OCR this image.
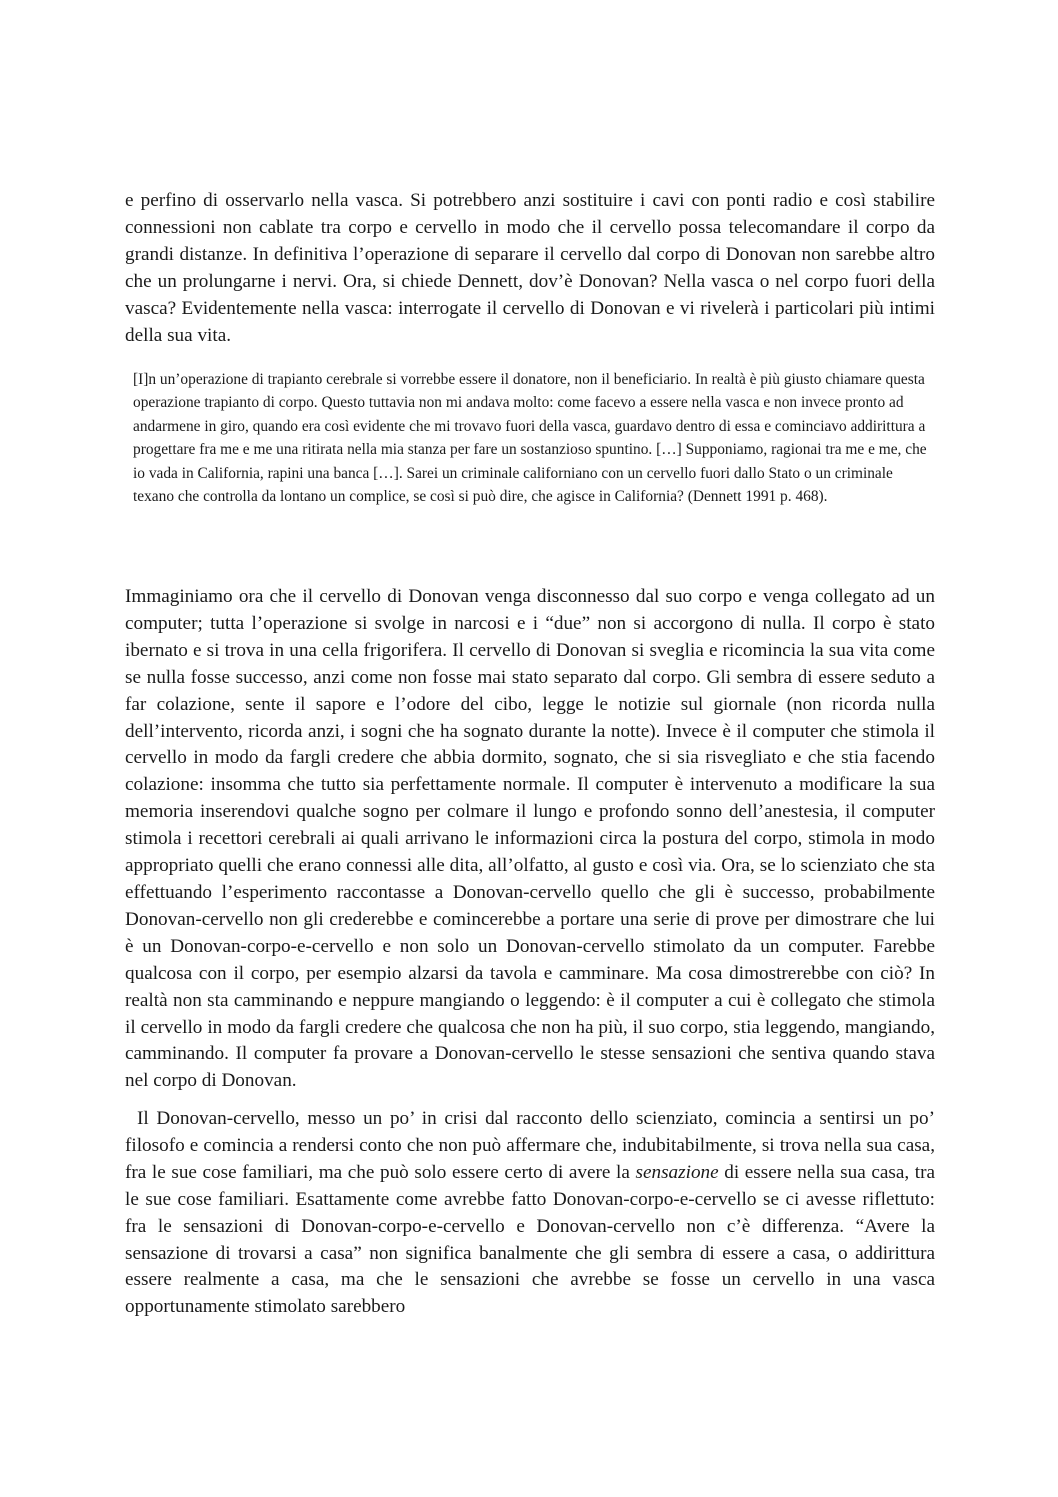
e perfino di osservarlo nella vasca. Si potrebbero anzi sostituire i cavi con ponti radio e così stabilire connessioni non cablate tra corpo e cervello in modo che il cervello possa telecomandare il corpo da grandi distanze. In definitiva l’operazione di separare il cervello dal corpo di Donovan non sarebbe altro che un prolungarne i nervi. Ora, si chiede Dennett, dov’è Donovan? Nella vasca o nel corpo fuori della vasca? Evidentemente nella vasca: interrogate il cervello di Donovan e vi rivelerà i particolari più intimi della sua vita.

[I]n un’operazione di trapianto cerebrale si vorrebbe essere il donatore, non il beneficiario. In realtà è più giusto chiamare questa operazione trapianto di corpo. Questo tuttavia non mi andava molto: come facevo a essere nella vasca e non invece pronto ad andarmene in giro, quando era così evidente che mi trovavo fuori della vasca, guardavo dentro di essa e cominciavo addirittura a progettare fra me e me una ritirata nella mia stanza per fare un sostanzioso spuntino. […] Supponiamo, ragionai tra me e me, che io vada in California, rapini una banca […]. Sarei un criminale californiano con un cervello fuori dallo Stato o un criminale texano che controlla da lontano un complice, se così si può dire, che agisce in California? (Dennett 1991 p. 468).

Immaginiamo ora che il cervello di Donovan venga disconnesso dal suo corpo e venga collegato ad un computer; tutta l’operazione si svolge in narcosi e i “due” non si accorgono di nulla. Il corpo è stato ibernato e si trova in una cella frigorifera. Il cervello di Donovan si sveglia e ricomincia la sua vita come se nulla fosse successo, anzi come non fosse mai stato separato dal corpo. Gli sembra di essere seduto a far colazione, sente il sapore e l’odore del cibo, legge le notizie sul giornale (non ricorda nulla dell’intervento, ricorda anzi, i sogni che ha sognato durante la notte). Invece è il computer che stimola il cervello in modo da fargli credere che abbia dormito, sognato, che si sia risvegliato e che stia facendo colazione: insomma che tutto sia perfettamente normale. Il computer è intervenuto a modificare la sua memoria inserendovi qualche sogno per colmare il lungo e profondo sonno dell’anestesia, il computer stimola i recettori cerebrali ai quali arrivano le informazioni circa la postura del corpo, stimola in modo appropriato quelli che erano connessi alle dita, all’olfatto, al gusto e così via. Ora, se lo scienziato che sta effettuando l’esperimento raccontasse a Donovan-cervello quello che gli è successo, probabilmente Donovan-cervello non gli crederebbe e comincerebbe a portare una serie di prove per dimostrare che lui è un Donovan-corpo-e-cervello e non solo un Donovan-cervello stimolato da un computer. Farebbe qualcosa con il corpo, per esempio alzarsi da tavola e camminare. Ma cosa dimostrerebbe con ciò? In realtà non sta camminando e neppure mangiando o leggendo: è il computer a cui è collegato che stimola il cervello in modo da fargli credere che qualcosa che non ha più, il suo corpo, stia leggendo, mangiando, camminando. Il computer fa provare a Donovan-cervello le stesse sensazioni che sentiva quando stava nel corpo di Donovan.

Il Donovan-cervello, messo un po’ in crisi dal racconto dello scienziato, comincia a sentirsi un po’ filosofo e comincia a rendersi conto che non può affermare che, indubitabilmente, si trova nella sua casa, fra le sue cose familiari, ma che può solo essere certo di avere la sensazione di essere nella sua casa, tra le sue cose familiari. Esattamente come avrebbe fatto Donovan-corpo-e-cervello se ci avesse riflettuto: fra le sensazioni di Donovan-corpo-e-cervello e Donovan-cervello non c’è differenza. “Avere la sensazione di trovarsi a casa” non significa banalmente che gli sembra di essere a casa, o addirittura essere realmente a casa, ma che le sensazioni che avrebbe se fosse un cervello in una vasca opportunamente stimolato sarebbero
